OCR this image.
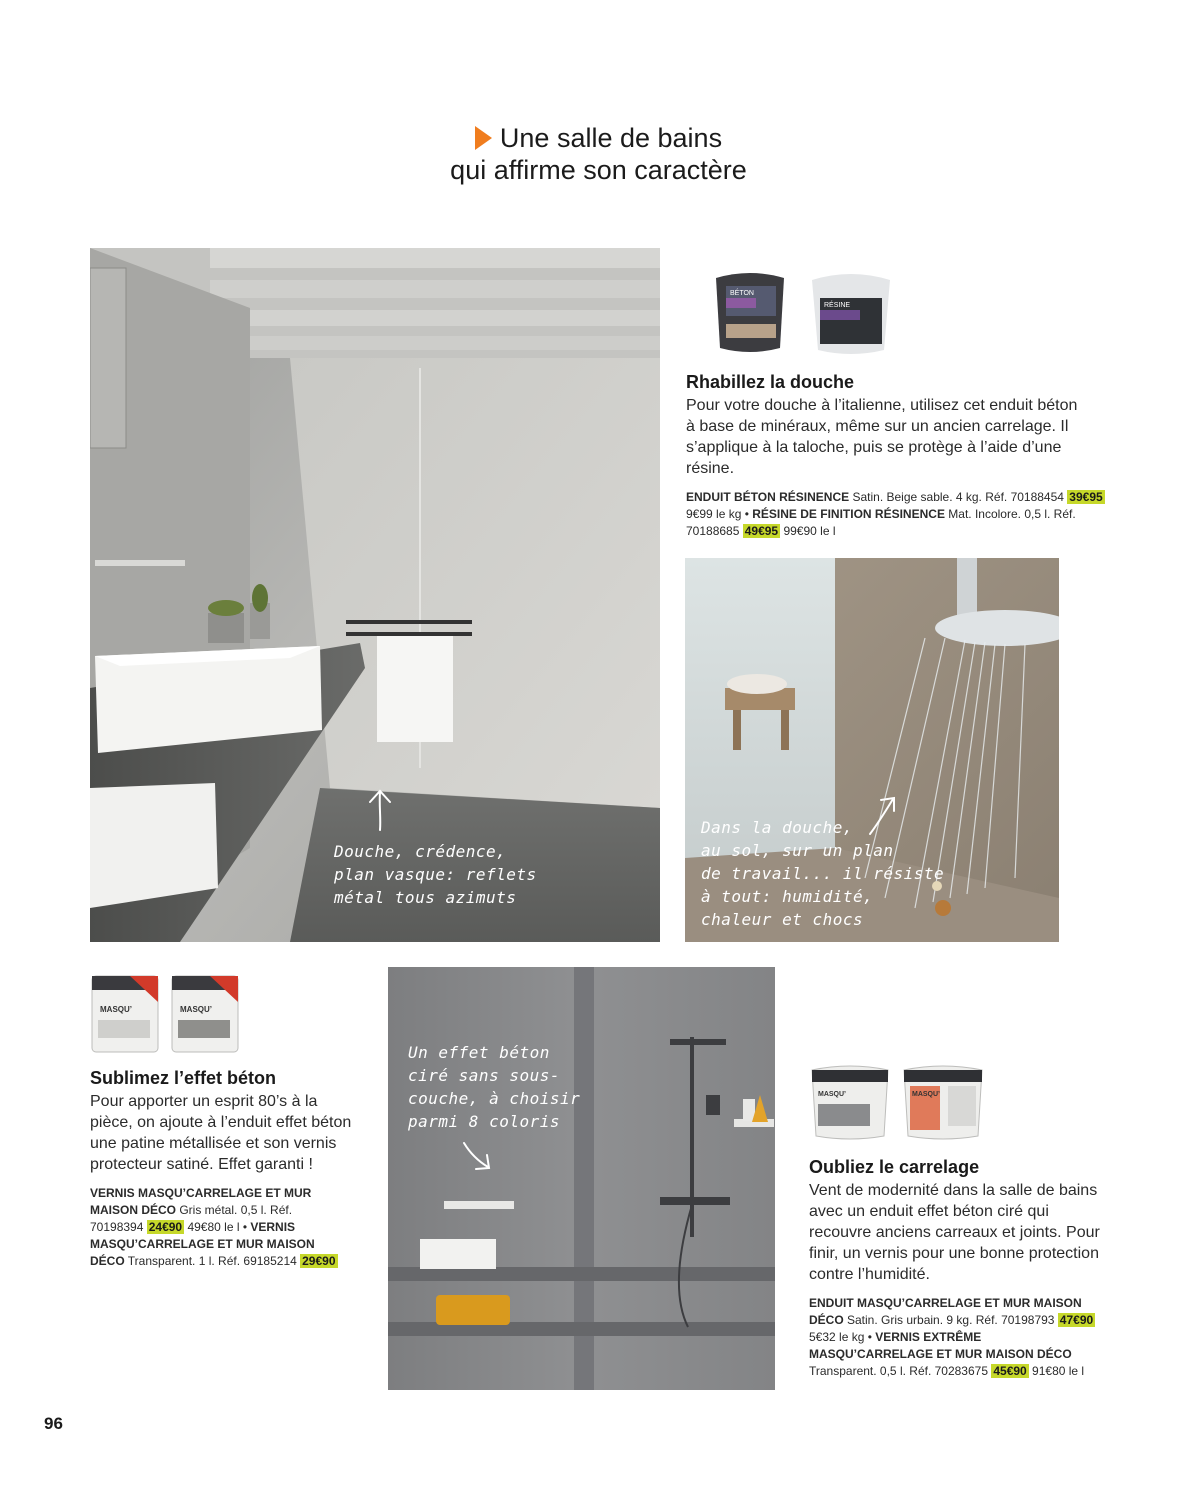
Une salle de bains
qui affirme son caractère
Douche, crédence,
plan vasque: reflets
métal tous azimuts
Dans la douche,
au sol, sur un plan
de travail... il résiste
à tout: humidité,
chaleur et chocs
BÉTON
RÉSINE
Rhabillez la douche
Pour votre douche à l’italienne, utilisez cet enduit béton à base de minéraux, même sur un ancien carrelage. Il s’applique à la taloche, puis se protège à l’aide d’une résine.
ENDUIT BÉTON RÉSINENCE Satin. Beige sable. 4 kg. Réf. 70188454 39€95 9€99 le kg • RÉSINE DE FINITION RÉSINENCE Mat. Incolore. 0,5 l. Réf. 70188685 49€95 99€90 le l
MASQU’	MASQU’
Sublimez l’effet béton
Pour apporter un esprit 80’s à la pièce, on ajoute à l’enduit effet béton une patine métallisée et son vernis protecteur satiné. Effet garanti !
VERNIS MASQU’CARRELAGE ET MUR MAISON DÉCO Gris métal. 0,5 l. Réf. 70198394 24€90 49€80 le l • VERNIS MASQU’CARRELAGE ET MUR MAISON DÉCO Transparent. 1 l. Réf. 69185214 29€90
Un effet béton
ciré sans sous-
couche, à choisir
parmi 8 coloris
MASQU’	MASQU’
Oubliez le carrelage
Vent de modernité dans la salle de bains avec un enduit effet béton ciré qui recouvre anciens carreaux et joints. Pour finir, un vernis pour une bonne protection contre l’humidité.
ENDUIT MASQU’CARRELAGE ET MUR MAISON DÉCO Satin. Gris urbain. 9 kg. Réf. 70198793 47€90 5€32 le kg • VERNIS EXTRÊME MASQU’CARRELAGE ET MUR MAISON DÉCO Transparent. 0,5 l. Réf. 70283675 45€90 91€80 le l
96
